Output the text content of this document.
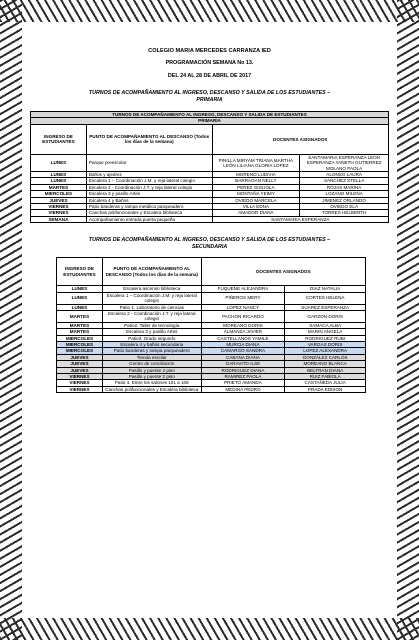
COLEGIO MARIA MERCEDES CARRANZA IED
PROGRAMACIÓN SEMANA No 13.
DEL 24 AL 28 DE ABRIL DE 2017
TURNOS DE ACOMPAÑAMIENTO AL INGRESO, DESCANSO Y SALIDA DE LOS ESTUDIANTES –
PRIMARIA
TURNOS DE ACOMPAÑAMIENTO AL INGRESO, DESCANSO Y SALIDA DE ESTUDIANTES			
PRIMARIA			
INGRESO DE ESTUDIANTES	PUNTO DE ACOMPAÑAMIENTO AL DESCANSO (Todos los días de la semana)	DOCENTES ASIGNADOS	
LUNES	Parque preescolar	PINILLA MIRYAM TRIANA MARTHA LEÓN LILIANA GLORIA LOPEZ	SANTAMARIA ESPERANZA LEON ESPERANZA YANETH GUTIERREZ MOLANO PAOLA
LUNES	Baños y ajedrez	MORENO LUDIVIA	ALONSO LAURA
LUNES	Escalera 1 – Coordinación J.M. y reja lateral colegio	BARRAGAN NELLY	SANCHEZ STELLA
MARTES	Escalera 2 - Coordinación J.T. y reja lateral colegio	PEREZ GIGUOLA	ROJAS MARINA
MIERCOLES	Escalera 3 y pasillo Artes	MONTAÑA YEIMY	LOZANO MILENA
JUEVES	Escalera 4 y Baños	OVIEDO MARCELA	JIMENEZ ORLANDO
VIERNES	Patio banderas y rampa metálica parqueadero	VILLA EDNA	OVIEDO ELA
VIERNES	Canchas polifuncionales y Escalera biblioteca	AMADOR DIANA	TORRES HELBERTH
SEMANA	Acompañamiento entrada puerta pequeña	SANTAMARIA ESPERANZA	
TURNOS DE ACOMPAÑAMIENTO AL INGRESO, DESCANSO Y SALIDA DE LOS ESTUDIANTES –
SECUNDARIA
INGRESO DE ESTUDIANTES	PUNTO DE ACOMPAÑAMIENTO AL DESCANSO (Todos los días de la semana)	DOCENTES ASIGNADOS	
LUNES	Escalera ascenso biblioteca	FUQUENE ALEJANDRA	DIAZ NATALIA
LUNES	Escalera 1 – Coordinación J.M. y reja lateral colegio	PIÑEROS MERY	CORTES HELENA
LUNES	Patio 1. Laboratorio de ciencias	LOPEZ NANCY	SUAREZ ESPERANZA
MARTES	Escalera 2 - Coordinación J.T. y reja lateral colegio	PACHON RICARDO	GARZON DORIS
MARTES	Patio2. Taller de tecnología	MOREANO DORIS	SAMACA ALBA
MARTES	Escalera 3 y pasillo Artes	ALMANZA JAVIER	MARIN ANGELA
MIERCOLES	Patio3. Grado segundo	CASTELLANOS YAMILE	RODRIGUEZ RUBI
MIERCOLES	Escalera 4 y baños secundaria	MURCIA DIANA	VARGAS DORIS
MIERCOLES	Patio banderas y rampa parqueadero	CAMARGO SANDRA	LOPEZ ALEXANDRA
JUEVES	Tienda escolar	CABANA DIANA	GONZÁLEZ CARLOS
JUEVES	Centro de conciliación	GARAVITO ILSE	MOREANO BLANCA
JUEVES	Pasillo y puente 2 piso	RODRIGUEZ DIANA	BELTRAN DIANA
VIERNES	Pasillo y puente 2 piso	RAMIREZ PAOLA	RUIZ FABIOLA
VIERNES	Patio 4. Entre los salones 101 a 106	PRIETO AMANDA	CASTAÑEDA JULIA
VIERNES	Canchas polifuncionales y Escalera biblioteca	MEDINA PEDRO	PRADA EDISON
